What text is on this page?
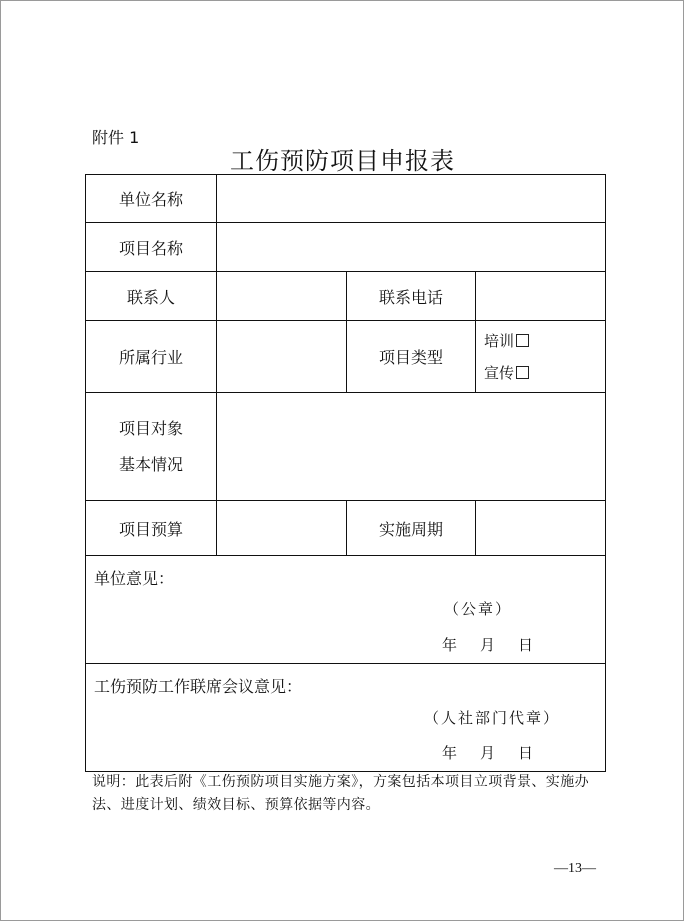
附件 1
工伤预防项目申报表
单位名称			
项目名称			
联系人		联系电话	
所属行业		项目类型	培训
宣传

项目对象
基本情况			

项目预算		实施周期	

单位意见：
（公章）
年 月 日			

工伤预防工作联席会议意见：
（人社部门代章）
年 月 日			
说明：此表后附《工伤预防项目实施方案》，方案包括本项目立项背景、实施办法、进度计划、绩效目标、预算依据等内容。
—13—
